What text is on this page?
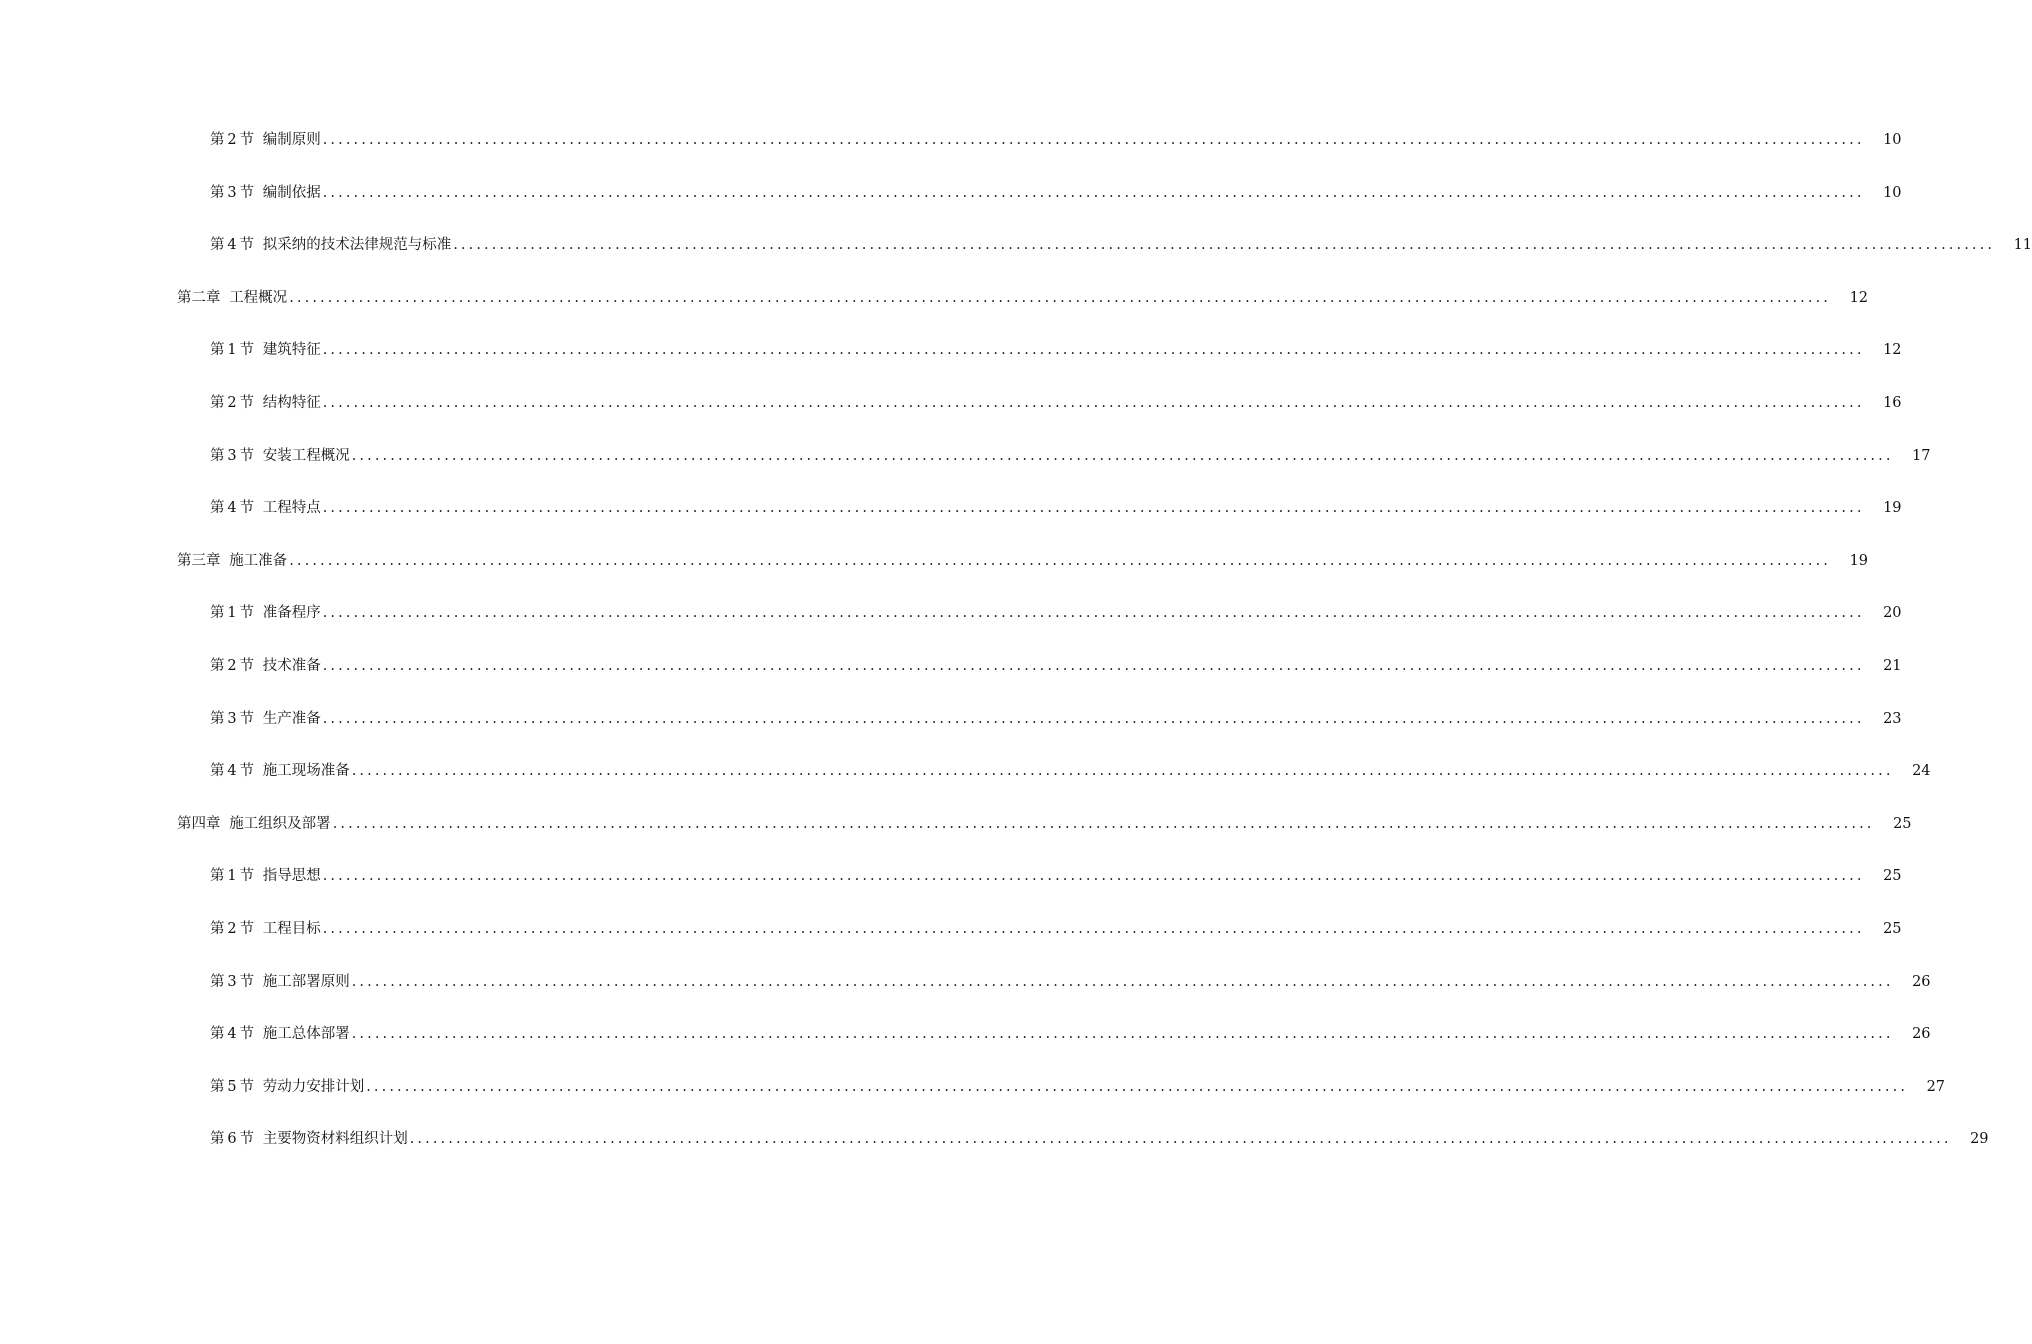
第 2 节 编制原则 ........................................................................................................................................................................................................	10
第 3 节 编制依据 ........................................................................................................................................................................................................	10
第 4 节 拟采纳的技术法律规范与标准 ........................................................................................................................................................................................................	11
第二章 工程概况 ........................................................................................................................................................................................................	12
第 1 节 建筑特征 ........................................................................................................................................................................................................	12
第 2 节 结构特征 ........................................................................................................................................................................................................	16
第 3 节 安装工程概况 ........................................................................................................................................................................................................	17
第 4 节 工程特点 ........................................................................................................................................................................................................	19
第三章 施工准备 ........................................................................................................................................................................................................	19
第 1 节 准备程序 ........................................................................................................................................................................................................	20
第 2 节 技术准备 ........................................................................................................................................................................................................	21
第 3 节 生产准备 ........................................................................................................................................................................................................	23
第 4 节 施工现场准备 ........................................................................................................................................................................................................	24
第四章 施工组织及部署 ........................................................................................................................................................................................................	25
第 1 节 指导思想 ........................................................................................................................................................................................................	25
第 2 节 工程目标 ........................................................................................................................................................................................................	25
第 3 节 施工部署原则 ........................................................................................................................................................................................................	26
第 4 节 施工总体部署 ........................................................................................................................................................................................................	26
第 5 节 劳动力安排计划 ........................................................................................................................................................................................................	27
第 6 节 主要物资材料组织计划 ........................................................................................................................................................................................................	29
